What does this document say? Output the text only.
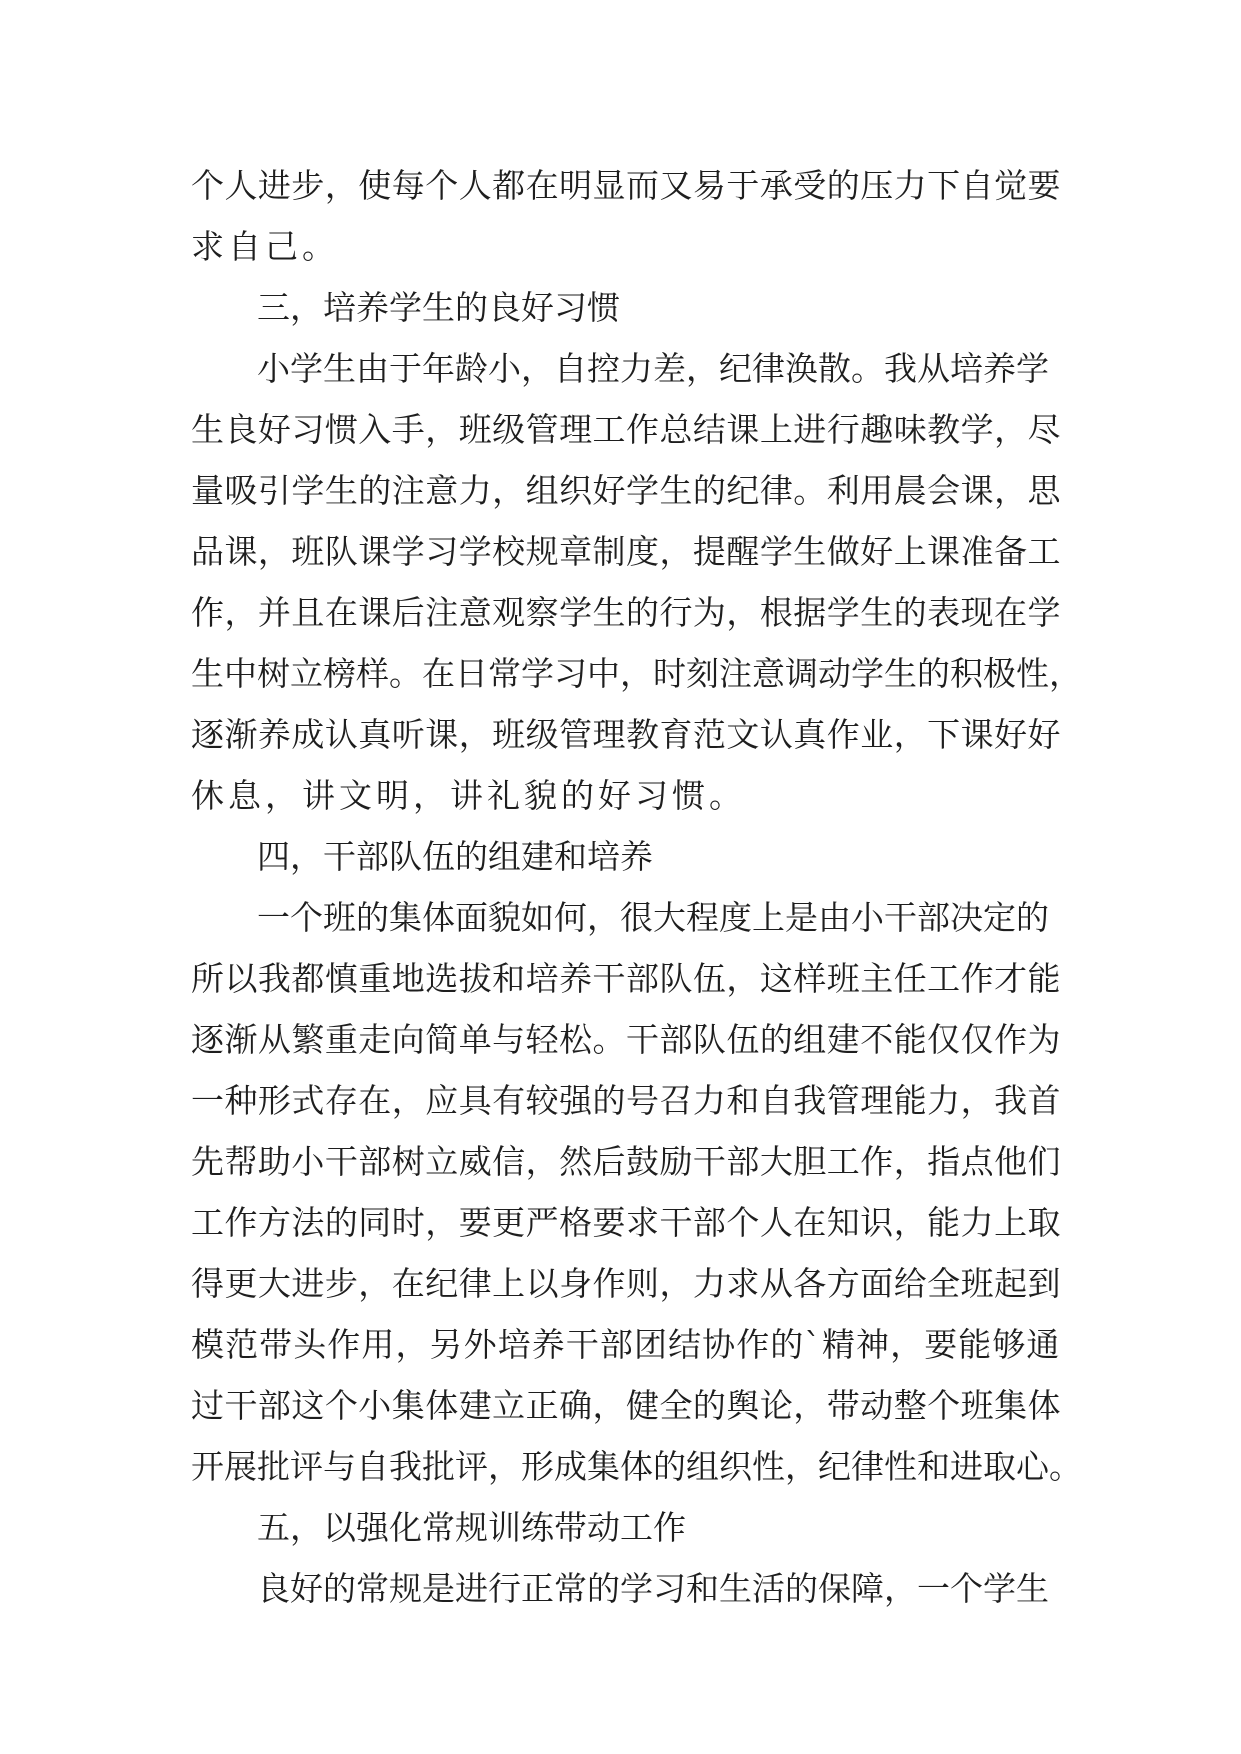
个人进步，使每个人都在明显而又易于承受的压力下自觉要
求自己。
三，培养学生的良好习惯
小学生由于年龄小，自控力差，纪律涣散。我从培养学
生良好习惯入手，班级管理工作总结课上进行趣味教学，尽
量吸引学生的注意力，组织好学生的纪律。利用晨会课，思
品课，班队课学习学校规章制度，提醒学生做好上课准备工
作，并且在课后注意观察学生的行为，根据学生的表现在学
生中树立榜样。在日常学习中，时刻注意调动学生的积极性，
逐渐养成认真听课，班级管理教育范文认真作业，下课好好
休息，讲文明，讲礼貌的好习惯。
四，干部队伍的组建和培养
一个班的集体面貌如何，很大程度上是由小干部决定的
所以我都慎重地选拔和培养干部队伍，这样班主任工作才能
逐渐从繁重走向简单与轻松。干部队伍的组建不能仅仅作为
一种形式存在，应具有较强的号召力和自我管理能力，我首
先帮助小干部树立威信，然后鼓励干部大胆工作，指点他们
工作方法的同时，要更严格要求干部个人在知识，能力上取
得更大进步，在纪律上以身作则，力求从各方面给全班起到
模范带头作用，另外培养干部团结协作的`精神，要能够通
过干部这个小集体建立正确，健全的舆论，带动整个班集体
开展批评与自我批评，形成集体的组织性，纪律性和进取心。
五，以强化常规训练带动工作
良好的常规是进行正常的学习和生活的保障，一个学生
